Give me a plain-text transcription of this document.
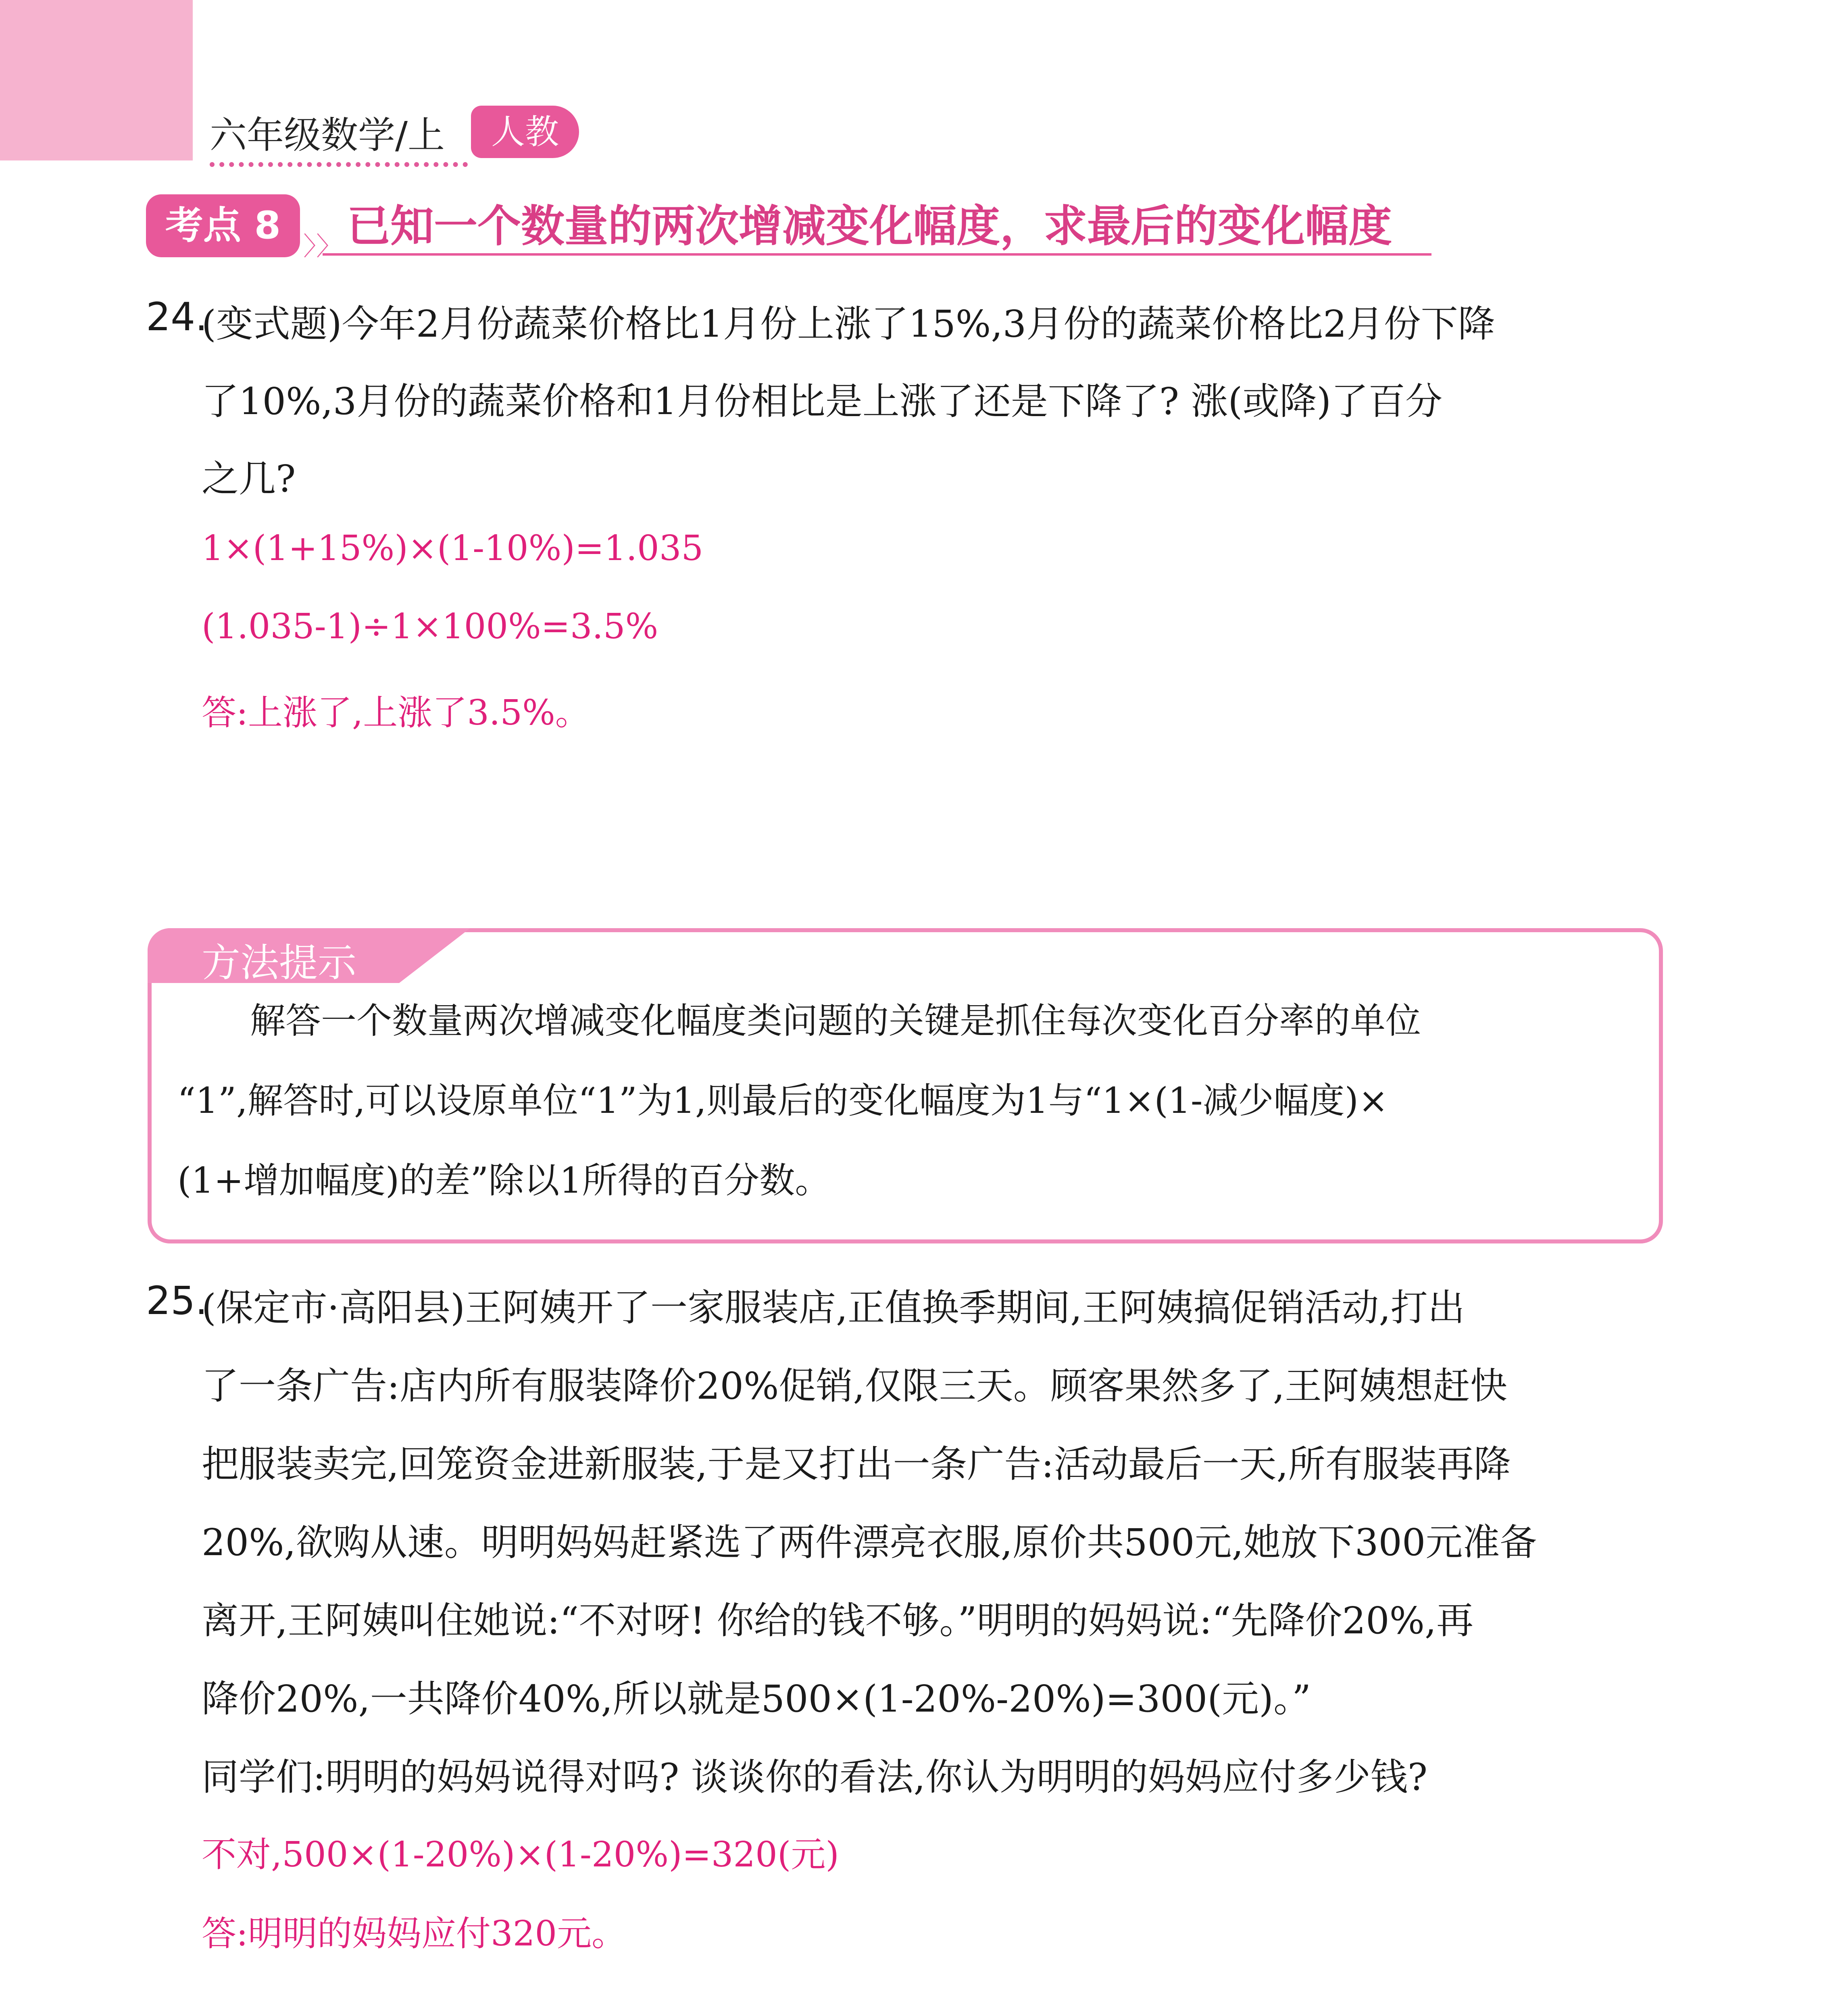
六年级数学/上	人教
考点 8 〉〉 已知一个数量的两次增减变化幅度，求最后的变化幅度
24.
(变式题)今年2月份蔬菜价格比1月份上涨了15%,3月份的蔬菜价格比2月份下降
了10%,3月份的蔬菜价格和1月份相比是上涨了还是下降了? 涨(或降)了百分
之几?
1×(1+15%)×(1-10%)=1.035
(1.035-1)÷1×100%=3.5%
答:上涨了,上涨了3.5%。
方法提示
解答一个数量两次增减变化幅度类问题的关键是抓住每次变化百分率的单位
“1”,解答时,可以设原单位“1”为1,则最后的变化幅度为1与“1×(1-减少幅度)×
(1+增加幅度)的差”除以1所得的百分数。
25.
(保定市·高阳县)王阿姨开了一家服装店,正值换季期间,王阿姨搞促销活动,打出
了一条广告:店内所有服装降价20%促销,仅限三天。顾客果然多了,王阿姨想赶快
把服装卖完,回笼资金进新服装,于是又打出一条广告:活动最后一天,所有服装再降
20%,欲购从速。明明妈妈赶紧选了两件漂亮衣服,原价共500元,她放下300元准备
离开,王阿姨叫住她说:“不对呀! 你给的钱不够。”明明的妈妈说:“先降价20%,再
降价20%,一共降价40%,所以就是500×(1-20%-20%)=300(元)。”
同学们:明明的妈妈说得对吗? 谈谈你的看法,你认为明明的妈妈应付多少钱?
不对,500×(1-20%)×(1-20%)=320(元)
答:明明的妈妈应付320元。
